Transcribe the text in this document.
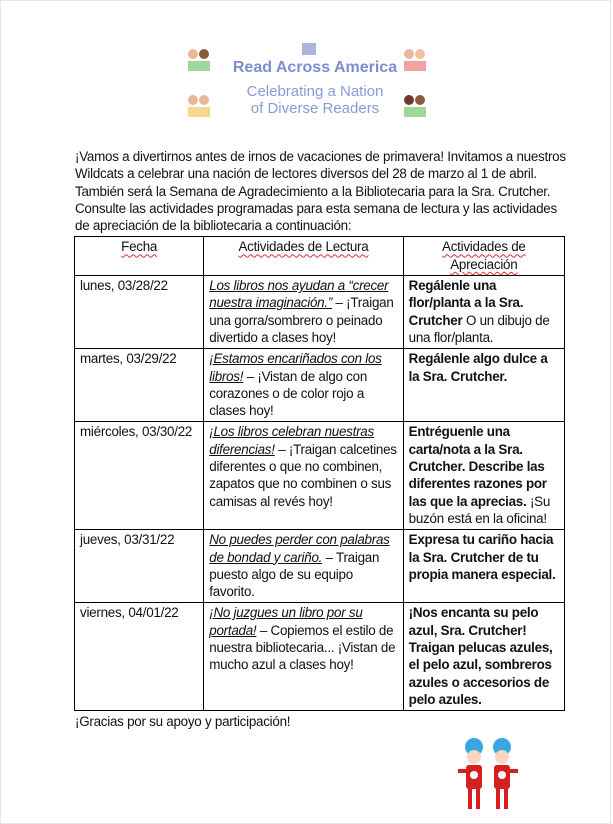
Read Across America
Celebrating a Nation
of Diverse Readers
¡Vamos a divertirnos antes de irnos de vacaciones de primavera! Invitamos a nuestros Wildcats a celebrar una nación de lectores diversos del 28 de marzo al 1 de abril. También será la Semana de Agradecimiento a la Bibliotecaria para la Sra. Crutcher. Consulte las actividades programadas para esta semana de lectura y las actividades de apreciación de la bibliotecaria a continuación:
Fecha	Actividades de Lectura	Actividades de Apreciación
lunes, 03/28/22	Los libros nos ayudan a “crecer nuestra imaginación.” – ¡Traigan una gorra/sombrero o peinado divertido a clases hoy!	Regálenle una flor/planta a la Sra. Crutcher O un dibujo de una flor/planta.
martes, 03/29/22	¡Estamos encariñados con los libros! – ¡Vistan de algo con corazones o de color rojo a clases hoy!	Regálenle algo dulce a la Sra. Crutcher.
miércoles, 03/30/22	¡Los libros celebran nuestras diferencias! – ¡Traigan calcetines diferentes o que no combinen, zapatos que no combinen o sus camisas al revés hoy!	Entréguenle una carta/nota a la Sra. Crutcher. Describe las diferentes razones por las que la aprecias. ¡Su buzón está en la oficina!
jueves, 03/31/22	No puedes perder con palabras de bondad y cariño. – Traigan puesto algo de su equipo favorito.	Expresa tu cariño hacia la Sra. Crutcher de tu propia manera especial.
viernes, 04/01/22	¡No juzgues un libro por su portada! – Copiemos el estilo de nuestra bibliotecaria... ¡Vistan de mucho azul a clases hoy!	¡Nos encanta su pelo azul, Sra. Crutcher! Traigan pelucas azules, el pelo azul, sombreros azules o accesorios de pelo azules.
¡Gracias por su apoyo y participación!
